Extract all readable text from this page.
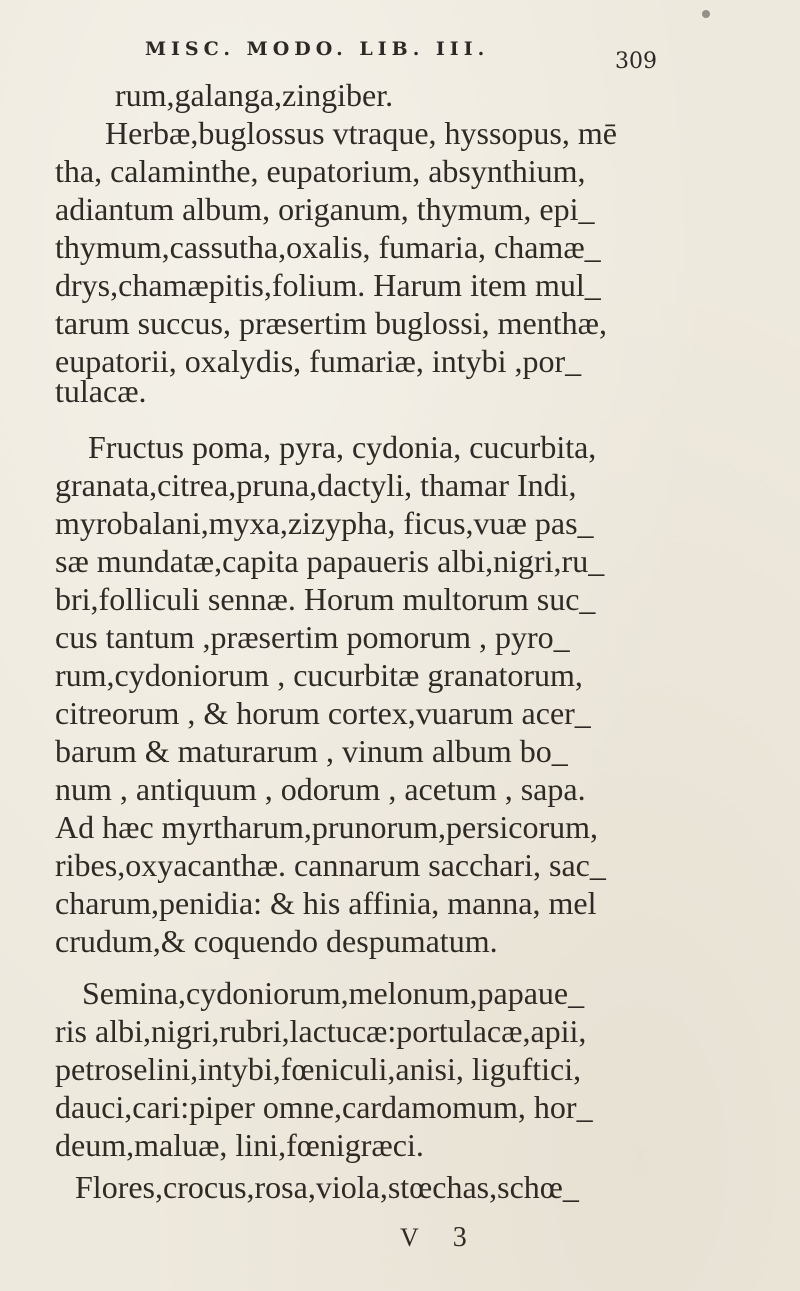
MISC. MODO. LIB. III.	309
rum,galanga,zingiber.
Herbæ,buglossus vtraque, hyssopus, mē
tha, calaminthe, eupatorium, absynthium,
adiantum album, origanum, thymum, epi_
thymum,cassutha,oxalis, fumaria, chamæ_
drys,chamæpitis,folium. Harum item mul_
tarum succus, præsertim buglossi, menthæ,
eupatorii, oxalydis, fumariæ, intybi ,por_
tulacæ.
Fructus poma, pyra, cydonia, cucurbita,
granata,citrea,pruna,dactyli, thamar Indi,
myrobalani,myxa,zizypha, ficus,vuæ pas_
sæ mundatæ,capita papaueris albi,nigri,ru_
bri,folliculi sennæ. Horum multorum suc_
cus tantum ,præsertim pomorum , pyro_
rum,cydoniorum , cucurbitæ granatorum,
citreorum , & horum cortex,vuarum acer_
barum & maturarum , vinum album bo_
num , antiquum , odorum , acetum , sapa.
Ad hæc myrtharum,prunorum,persicorum,
ribes,oxyacanthæ. cannarum sacchari, sac_
charum,penidia: & his affinia, manna, mel
crudum,& coquendo despumatum.
Semina,cydoniorum,melonum,papaue_
ris albi,nigri,rubri,lactucæ:portulacæ,apii,
petroselini,intybi,fœniculi,anisi, liguftici,
dauci,cari:piper omne,cardamomum, hor_
deum,maluæ, lini,fœnigræci.
Flores,crocus,rosa,viola,stœchas,schœ_
V 3
